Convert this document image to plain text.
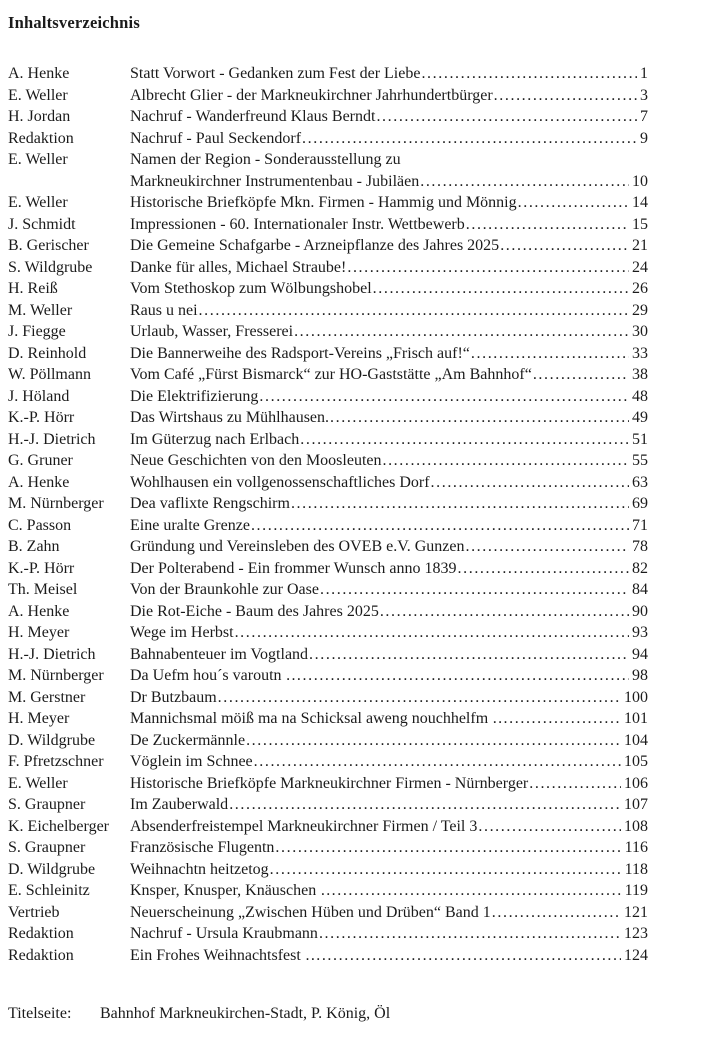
Inhaltsverzeichnis
A. Henke	Statt Vorwort - Gedanken zum Fest der Liebe .....	1
E. Weller	Albrecht Glier - der Markneukirchner Jahrhundertbürger .....	3
H. Jordan	Nachruf - Wanderfreund Klaus Berndt .....	7
Redaktion	Nachruf - Paul Seckendorf .....	9
E. Weller	Namen der Region - Sonderausstellung zu
Markneukirchner Instrumentenbau - Jubiläen .....	10
E. Weller	Historische Briefköpfe Mkn. Firmen - Hammig und Mönnig .....	14
J. Schmidt	Impressionen - 60. Internationaler Instr. Wettbewerb .....	15
B. Gerischer	Die Gemeine Schafgarbe - Arzneipflanze des Jahres 2025 .....	21
S. Wildgrube	Danke für alles, Michael Straube! .....	24
H. Reiß	Vom Stethoskop zum Wölbungshobel .....	26
M. Weller	Raus u nei .....	29
J. Fiegge	Urlaub, Wasser, Fresserei .....	30
D. Reinhold	Die Bannerweihe des Radsport-Vereins „Frisch auf!“ .....	33
W. Pöllmann	Vom Café „Fürst Bismarck“ zur HO-Gaststätte „Am Bahnhof“ .....	38
J. Höland	Die Elektrifizierung .....	48
K.-P. Hörr	Das Wirtshaus zu Mühlhausen. .....	49
H.-J. Dietrich	Im Güterzug nach Erlbach .....	51
G. Gruner	Neue Geschichten von den Moosleuten .....	55
A. Henke	Wohlhausen ein vollgenossenschaftliches Dorf .....	63
M. Nürnberger	Dea vaflixte Rengschirm .....	69
C. Passon	Eine uralte Grenze .....	71
B. Zahn	Gründung und Vereinsleben des OVEB e.V. Gunzen .....	78
K.-P. Hörr	Der Polterabend - Ein frommer Wunsch anno 1839 .....	82
Th. Meisel	Von der Braunkohle zur Oase .....	84
A. Henke	Die Rot-Eiche - Baum des Jahres 2025 .....	90
H. Meyer	Wege im Herbst .....	93
H.-J. Dietrich	Bahnabenteuer im Vogtland .....	94
M. Nürnberger	Da Uefm hou´s varoutn … .....	98
M. Gerstner	Dr Butzbaum .....	100
H. Meyer	Mannichsmal möiß ma na Schicksal aweng nouchhelfm … .....	101
D. Wildgrube	De Zuckermännle .....	104
F. Pfretzschner	Vöglein im Schnee .....	105
E. Weller	Historische Briefköpfe Markneukirchner Firmen - Nürnberger .....	106
S. Graupner	Im Zauberwald .....	107
K. Eichelberger	Absenderfreistempel Markneukirchner Firmen / Teil 3 .....	108
S. Graupner	Französische Flugentn .....	116
D. Wildgrube	Weihnachtn heitzetog .....	118
E. Schleinitz	Knsper, Knusper, Knäuschen … .....	119
Vertrieb	Neuerscheinung „Zwischen Hüben und Drüben“ Band 1 .....	121
Redaktion	Nachruf - Ursula Kraubmann .....	123
Redaktion	Ein Frohes Weihnachtsfest … .....	124
Titelseite:	Bahnhof Markneukirchen-Stadt, P. König, Öl
